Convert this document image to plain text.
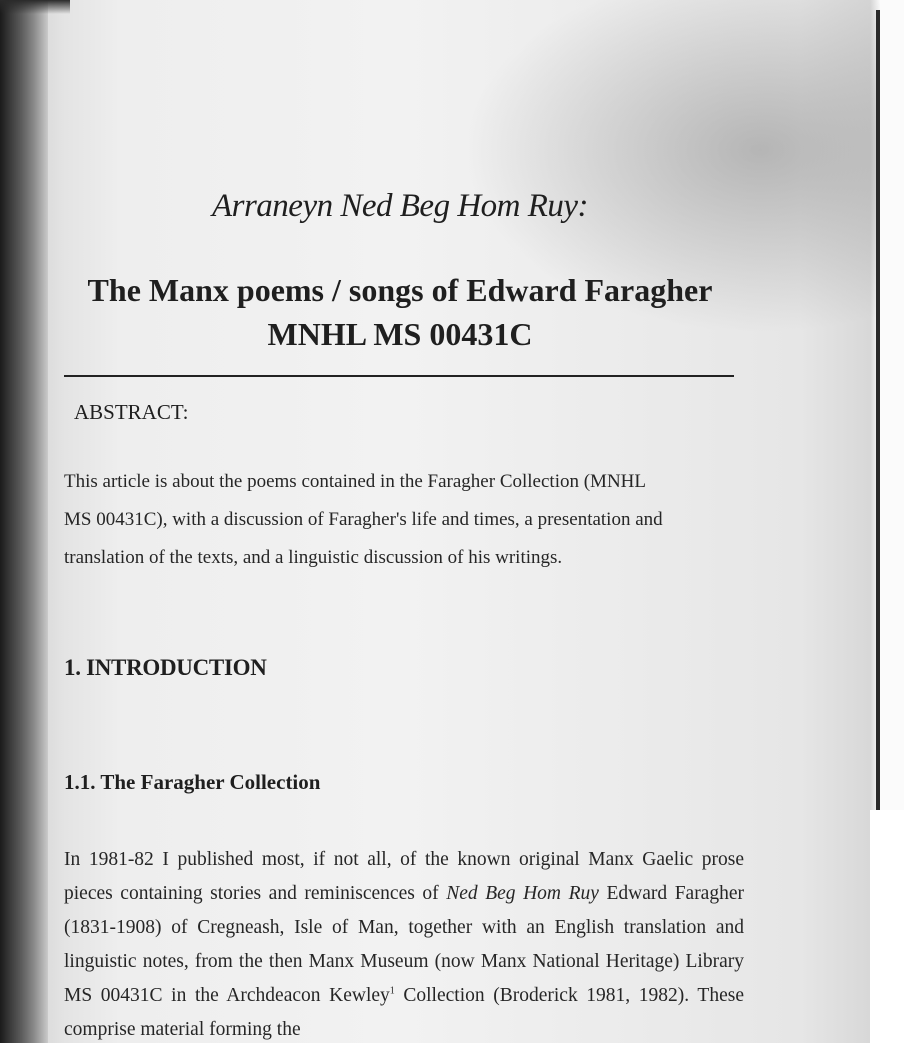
Arraneyn Ned Beg Hom Ruy:
The Manx poems / songs of Edward Faragher
MNHL MS 00431C
ABSTRACT:
This article is about the poems contained in the Faragher Collection (MNHL
MS 00431C), with a discussion of Faragher's life and times, a presentation and
translation of the texts, and a linguistic discussion of his writings.
1. INTRODUCTION
1.1. The Faragher Collection
In 1981-82 I published most, if not all, of the known original Manx Gaelic prose pieces containing stories and reminiscences of Ned Beg Hom Ruy Edward Faragher (1831-1908) of Cregneash, Isle of Man, together with an English translation and linguistic notes, from the then Manx Museum (now Manx National Heritage) Library MS 00431C in the Archdeacon Kewley$^1$ Collection (Broderick 1981, 1982). These comprise material forming the
